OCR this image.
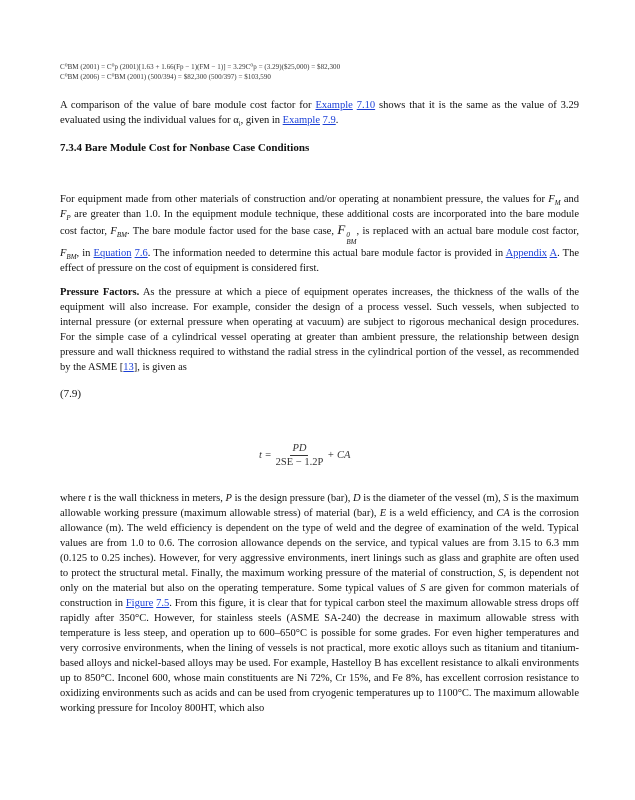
C⁰BM (2001) = C⁰p (2001)[1.63 + 1.66(Fp − 1)(FM − 1)] = 3.29C⁰p = (3.29)($25,000) = $82,300
C⁰BM (2006) = C⁰BM (2001) (500/394) = $82,300 (500/397) = $103,590

A comparison of the value of bare module cost factor for Example 7.10 shows that it is the same as the value of 3.29 evaluated using the individual values for $\alpha_i$, given in Example 7.9.

7.3.4 Bare Module Cost for Nonbase Case Conditions

For equipment made from other materials of construction and/or operating at nonambient pressure, the values for $F_M$ and $F_P$ are greater than 1.0. In the equipment module technique, these additional costs are incorporated into the bare module cost factor, $F_{BM}$. The bare module factor used for the base case, F 0
BM
, is replaced with an actual bare module cost factor, $F_{BM}$, in Equation 7.6. The information needed to determine this actual bare module factor is provided in Appendix A. The effect of pressure on the cost of equipment is considered first.

Pressure Factors. As the pressure at which a piece of equipment operates increases, the thickness of the walls of the equipment will also increase. For example, consider the design of a process vessel. Such vessels, when subjected to internal pressure (or external pressure when operating at vacuum) are subject to rigorous mechanical design procedures. For the simple case of a cylindrical vessel operating at greater than ambient pressure, the relationship between design pressure and wall thickness required to withstand the radial stress in the cylindrical portion of the vessel, as recommended by the ASME [13], is given as

(7.9)
$t = \frac{PD}{2SE - 1.2P}$ + CA

where t is the wall thickness in meters, P is the design pressure (bar), D is the diameter of the vessel (m), S is the maximum allowable working pressure (maximum allowable stress) of material (bar), E is a weld efficiency, and CA is the corrosion allowance (m). The weld efficiency is dependent on the type of weld and the degree of examination of the weld. Typical values are from 1.0 to 0.6. The corrosion allowance depends on the service, and typical values are from 3.15 to 6.3 mm (0.125 to 0.25 inches). However, for very aggressive environments, inert linings such as glass and graphite are often used to protect the structural metal. Finally, the maximum working pressure of the material of construction, S, is dependent not only on the material but also on the operating temperature. Some typical values of S are given for common materials of construction in Figure 7.5. From this figure, it is clear that for typical carbon steel the maximum allowable stress drops off rapidly after 350°C. However, for stainless steels (ASME SA-240) the decrease in maximum allowable stress with temperature is less steep, and operation up to 600–650°C is possible for some grades. For even higher temperatures and very corrosive environments, when the lining of vessels is not practical, more exotic alloys such as titanium and titanium-based alloys and nickel-based alloys may be used. For example, Hastelloy B has excellent resistance to alkali environments up to 850°C. Inconel 600, whose main constituents are Ni 72%, Cr 15%, and Fe 8%, has excellent corrosion resistance to oxidizing environments such as acids and can be used from cryogenic temperatures up to 1100°C. The maximum allowable working pressure for Incoloy 800HT, which also
